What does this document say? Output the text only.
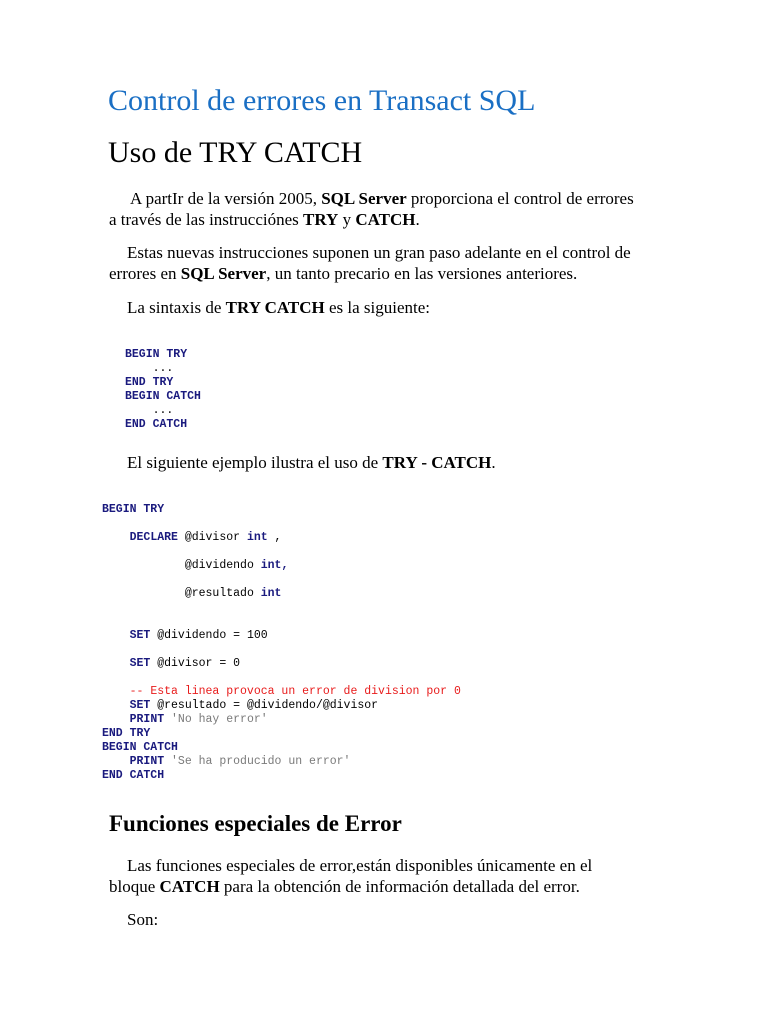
Control de errores en Transact SQL
Uso de TRY CATCH
A partIr de la versión 2005, SQL Server proporciona el control de errores
a través de las instrucciónes TRY y CATCH.
Estas nuevas instrucciones suponen un gran paso adelante en el control de
errores en SQL Server, un tanto precario en las versiones anteriores.
La sintaxis de TRY CATCH es la siguiente:
BEGIN TRY
...
END TRY
BEGIN CATCH
...
END CATCH
El siguiente ejemplo ilustra el uso de TRY - CATCH.
BEGIN TRY

DECLARE @divisor int ,

@dividendo int,

@resultado int

SET @dividendo = 100

SET @divisor = 0

-- Esta linea provoca un error de division por 0
SET @resultado = @dividendo/@divisor
PRINT 'No hay error'
END TRY
BEGIN CATCH
PRINT 'Se ha producido un error'
END CATCH
Funciones especiales de Error
Las funciones especiales de error,están disponibles únicamente en el
bloque CATCH para la obtención de información detallada del error.
Son:
